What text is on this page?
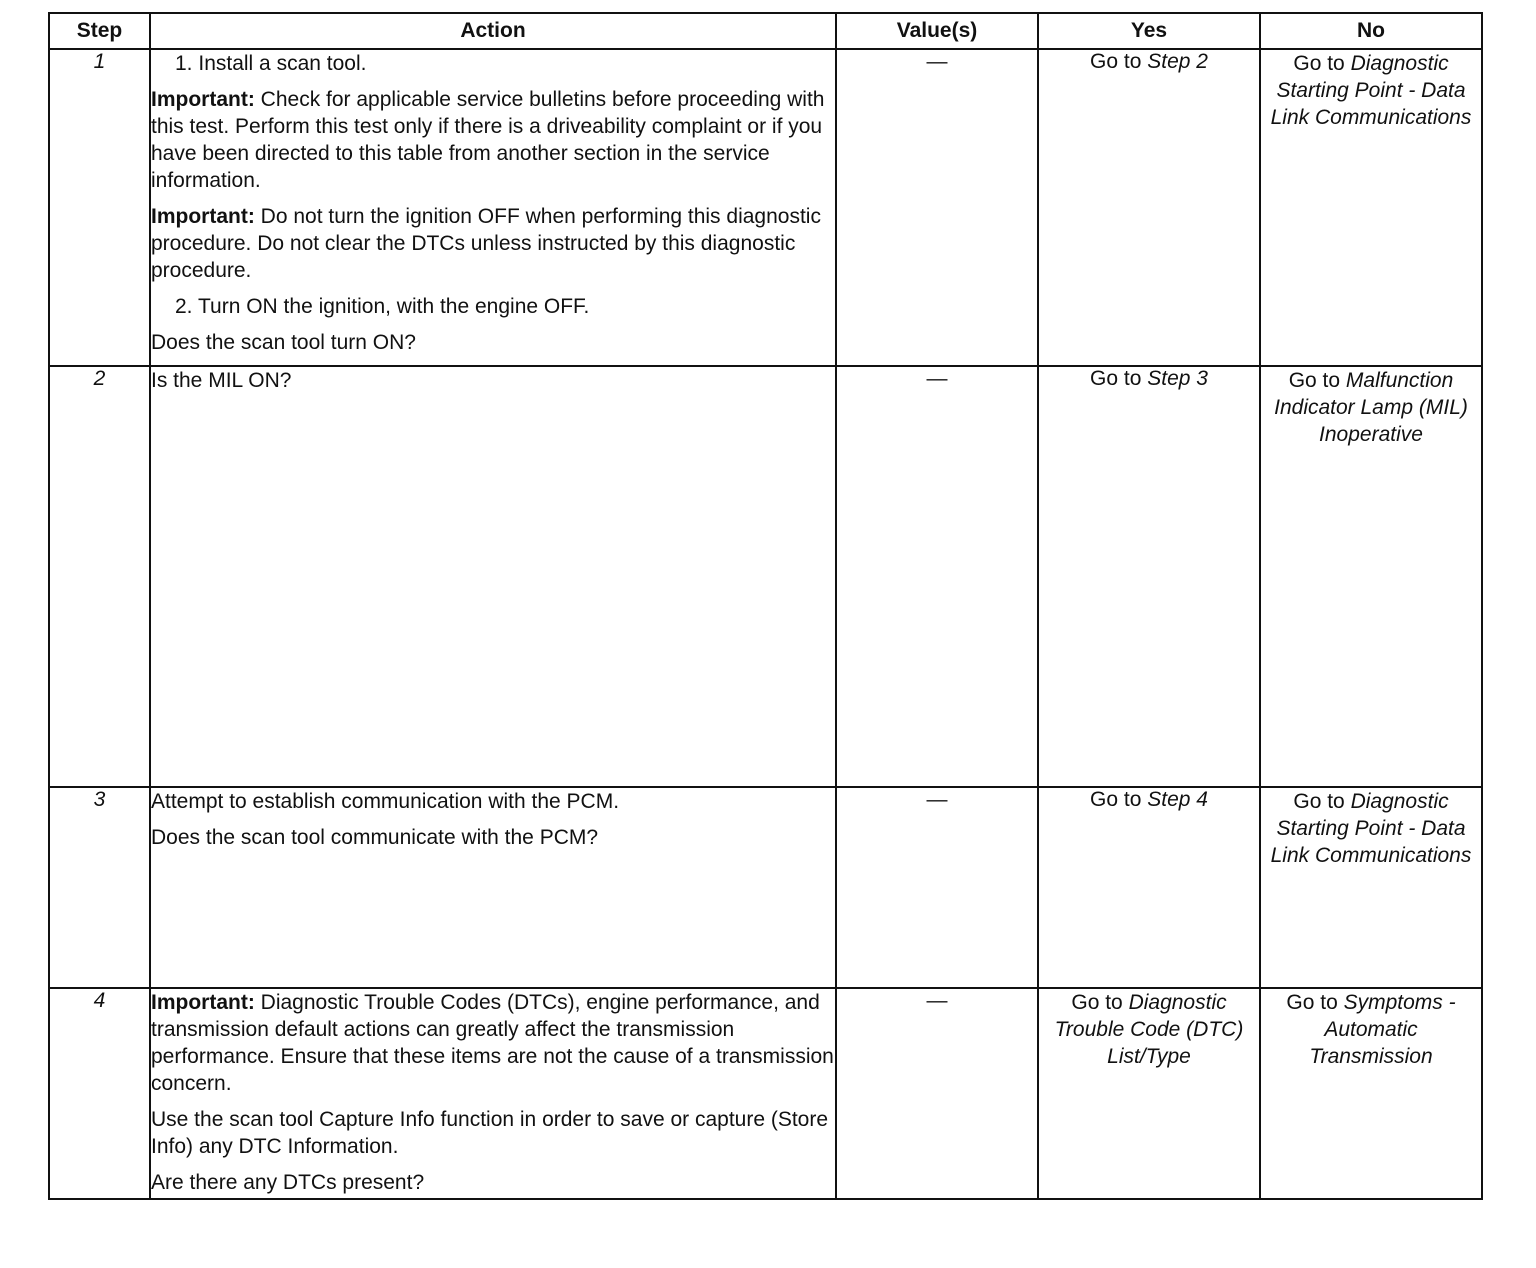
Step	Action	Value(s)	Yes	No
1	1. Install a scan tool.

Important: Check for applicable service bulletins before proceeding with this test. Perform this test only if there is a driveability complaint or if you have been directed to this table from another section in the service information.

Important: Do not turn the ignition OFF when performing this diagnostic procedure. Do not clear the DTCs unless instructed by this diagnostic procedure.

2. Turn ON the ignition, with the engine OFF.

Does the scan tool turn ON?	—	Go to Step 2	Go to Diagnostic Starting Point - Data Link Communications
2	Is the MIL ON?	—	Go to Step 3	Go to Malfunction Indicator Lamp (MIL) Inoperative
3	Attempt to establish communication with the PCM.

Does the scan tool communicate with the PCM?	—	Go to Step 4	Go to Diagnostic Starting Point - Data Link Communications
4	Important: Diagnostic Trouble Codes (DTCs), engine performance, and transmission default actions can greatly affect the transmission performance. Ensure that these items are not the cause of a transmission concern.

Use the scan tool Capture Info function in order to save or capture (Store Info) any DTC Information.

Are there any DTCs present?	—	Go to Diagnostic Trouble Code (DTC) List/Type	Go to Symptoms - Automatic Transmission
